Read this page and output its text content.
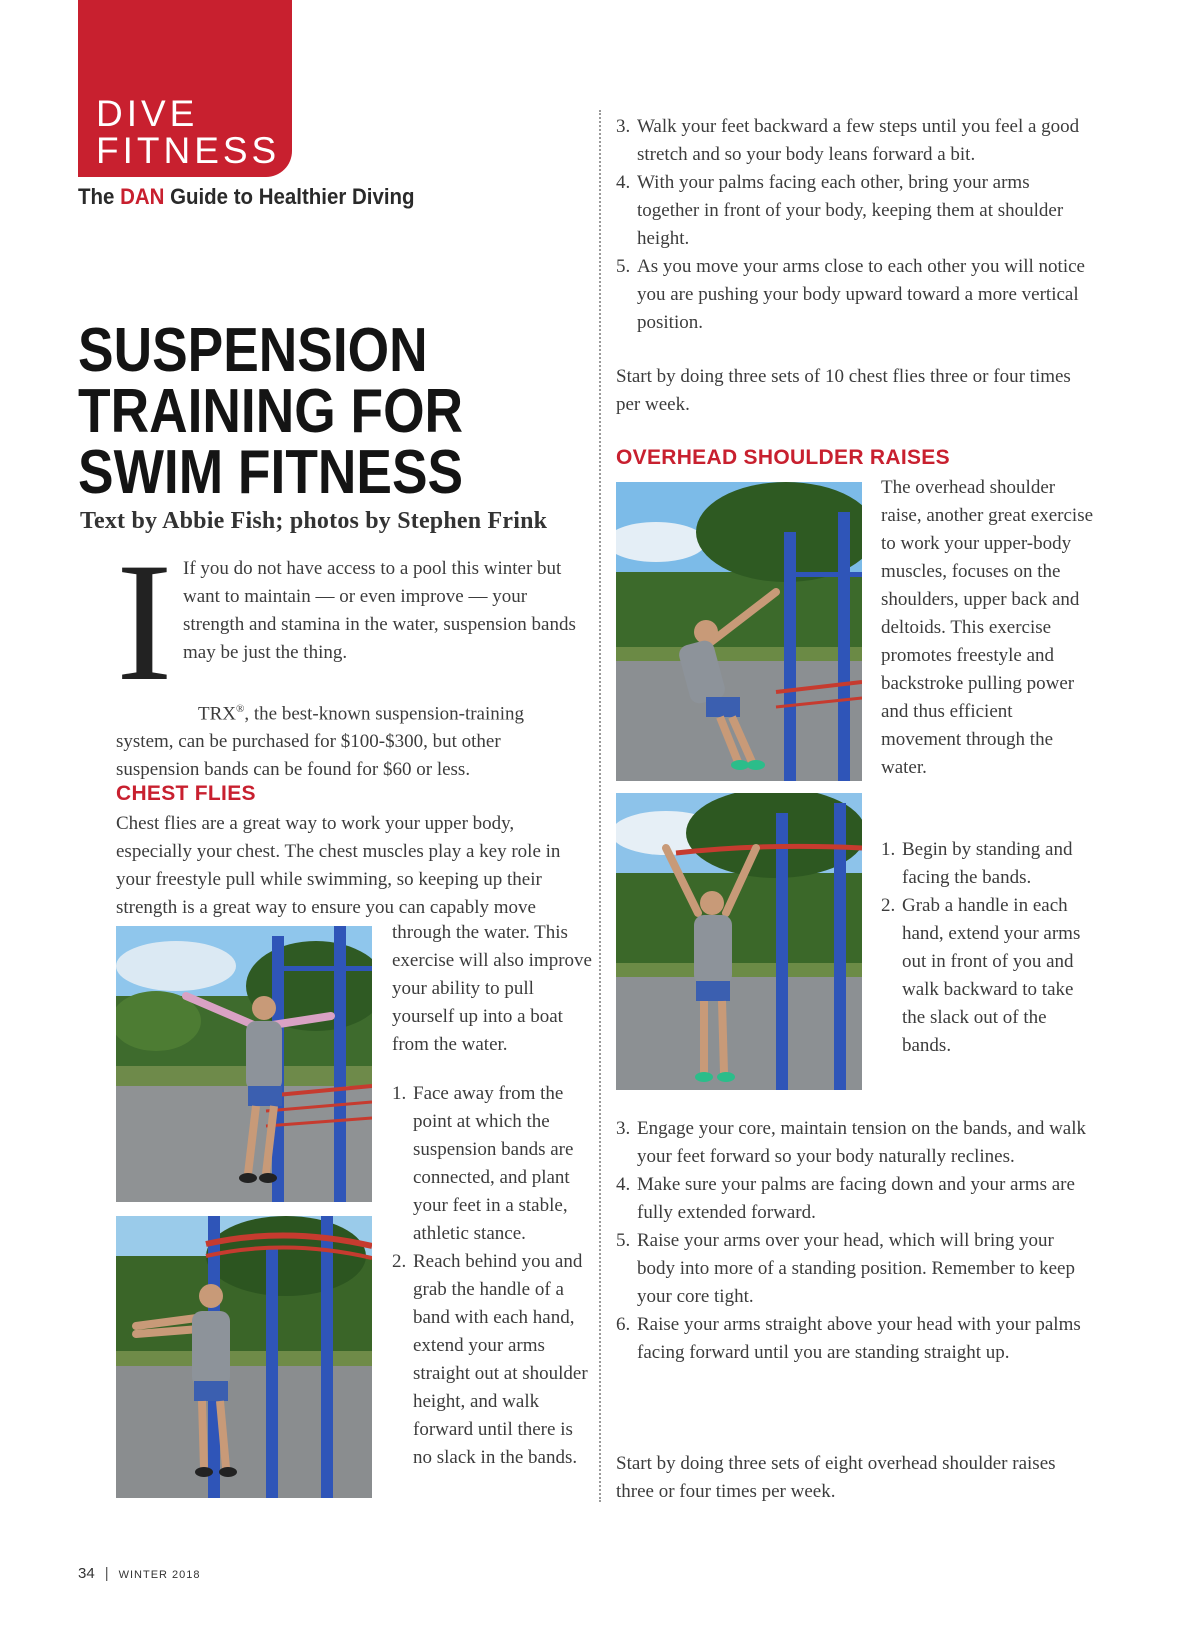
DIVE
FITNESS
The DAN Guide to Healthier Diving
SUSPENSION
TRAINING FOR
SWIM FITNESS
Text by Abbie Fish; photos by Stephen Frink
I If you do not have access to a pool this winter but want to maintain — or even improve — your strength and stamina in the water, suspension bands may be just the thing.
TRX®, the best-known suspension-training system, can be purchased for $100-$300, but other suspension bands can be found for $60 or less.
CHEST FLIES
Chest flies are a great way to work your upper body, especially your chest. The chest muscles play a key role in your freestyle pull while swimming, so keeping up their strength is a great way to ensure you can capably move
through the water. This exercise will also improve your ability to pull yourself up into a boat from the water.
1. Face away from the point at which the suspension bands are connected, and plant your feet in a stable, athletic stance.
2. Reach behind you and grab the handle of a band with each hand, extend your arms straight out at shoulder height, and walk forward until there is no slack in the bands.
3. Walk your feet backward a few steps until you feel a good stretch and so your body leans forward a bit.
4. With your palms facing each other, bring your arms together in front of your body, keeping them at shoulder height.
5. As you move your arms close to each other you will notice you are pushing your body upward toward a more vertical position.
Start by doing three sets of 10 chest flies three or four times per week.
OVERHEAD SHOULDER RAISES
The overhead shoulder raise, another great exercise to work your upper-body muscles, focuses on the shoulders, upper back and deltoids. This exercise promotes freestyle and backstroke pulling power and thus efficient movement through the water.
1. Begin by standing and facing the bands.
2. Grab a handle in each hand, extend your arms out in front of you and walk backward to take the slack out of the bands.
3. Engage your core, maintain tension on the bands, and walk your feet forward so your body naturally reclines.
4. Make sure your palms are facing down and your arms are fully extended forward.
5. Raise your arms over your head, which will bring your body into more of a standing position. Remember to keep your core tight.
6. Raise your arms straight above your head with your palms facing forward until you are standing straight up.
Start by doing three sets of eight overhead shoulder raises three or four times per week.
34 | WINTER 2018
